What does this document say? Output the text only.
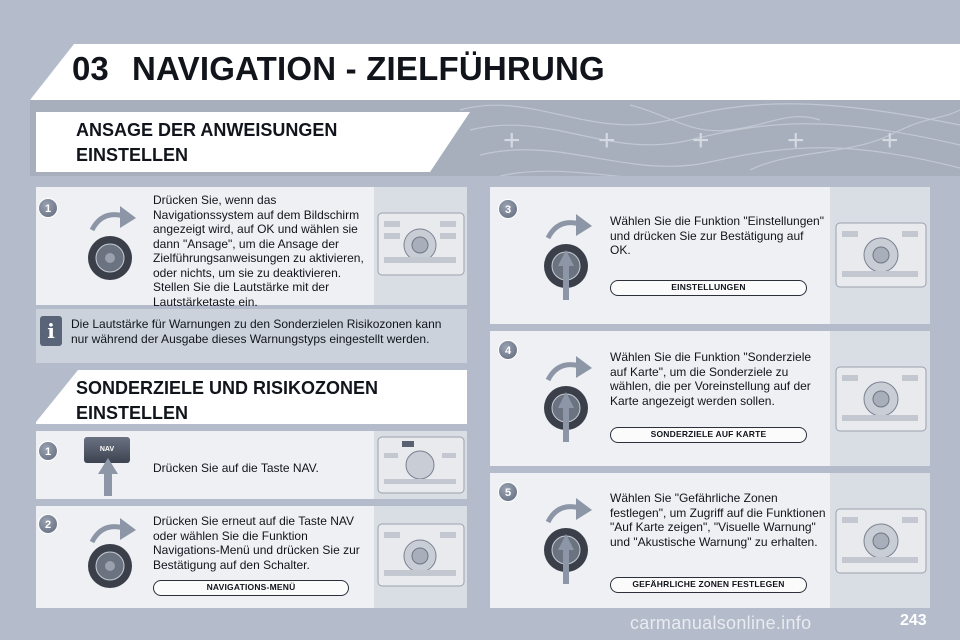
03 NAVIGATION - ZIELFÜHRUNG
+	+	+	+	+
ANSAGE DER ANWEISUNGEN
EINSTELLEN
1
Drücken Sie, wenn das Navigationssystem auf dem Bildschirm angezeigt wird, auf OK und wählen sie dann "Ansage", um die Ansage der Zielführungsanweisungen zu aktivieren, oder nichts, um sie zu deaktivieren. Stellen Sie die Lautstärke mit der Lautstärketaste ein.
i	Die Lautstärke für Warnungen zu den Sonderzielen Risikozonen kann nur während der Ausgabe dieses Warnungstyps eingestellt werden.
SONDERZIELE UND RISIKOZONEN
EINSTELLEN
1	NAV
Drücken Sie auf die Taste NAV.
2	Drücken Sie erneut auf die Taste NAV oder wählen Sie die Funktion Navigations-Menü und drücken Sie zur Bestätigung auf den Schalter.
NAVIGATIONS-MENÜ
3
Wählen Sie die Funktion "Einstellungen" und drücken Sie zur Bestätigung auf OK.
EINSTELLUNGEN
4	Wählen Sie die Funktion "Sonderziele auf Karte", um die Sonderziele zu wählen, die per Voreinstellung auf der Karte angezeigt werden sollen.
SONDERZIELE AUF KARTE
5	Wählen Sie "Gefährliche Zonen festlegen", um Zugriff auf die Funktionen "Auf Karte zeigen", "Visuelle Warnung" und "Akustische Warnung" zu erhalten.
GEFÄHRLICHE ZONEN FESTLEGEN
carmanualsonline.info	243
